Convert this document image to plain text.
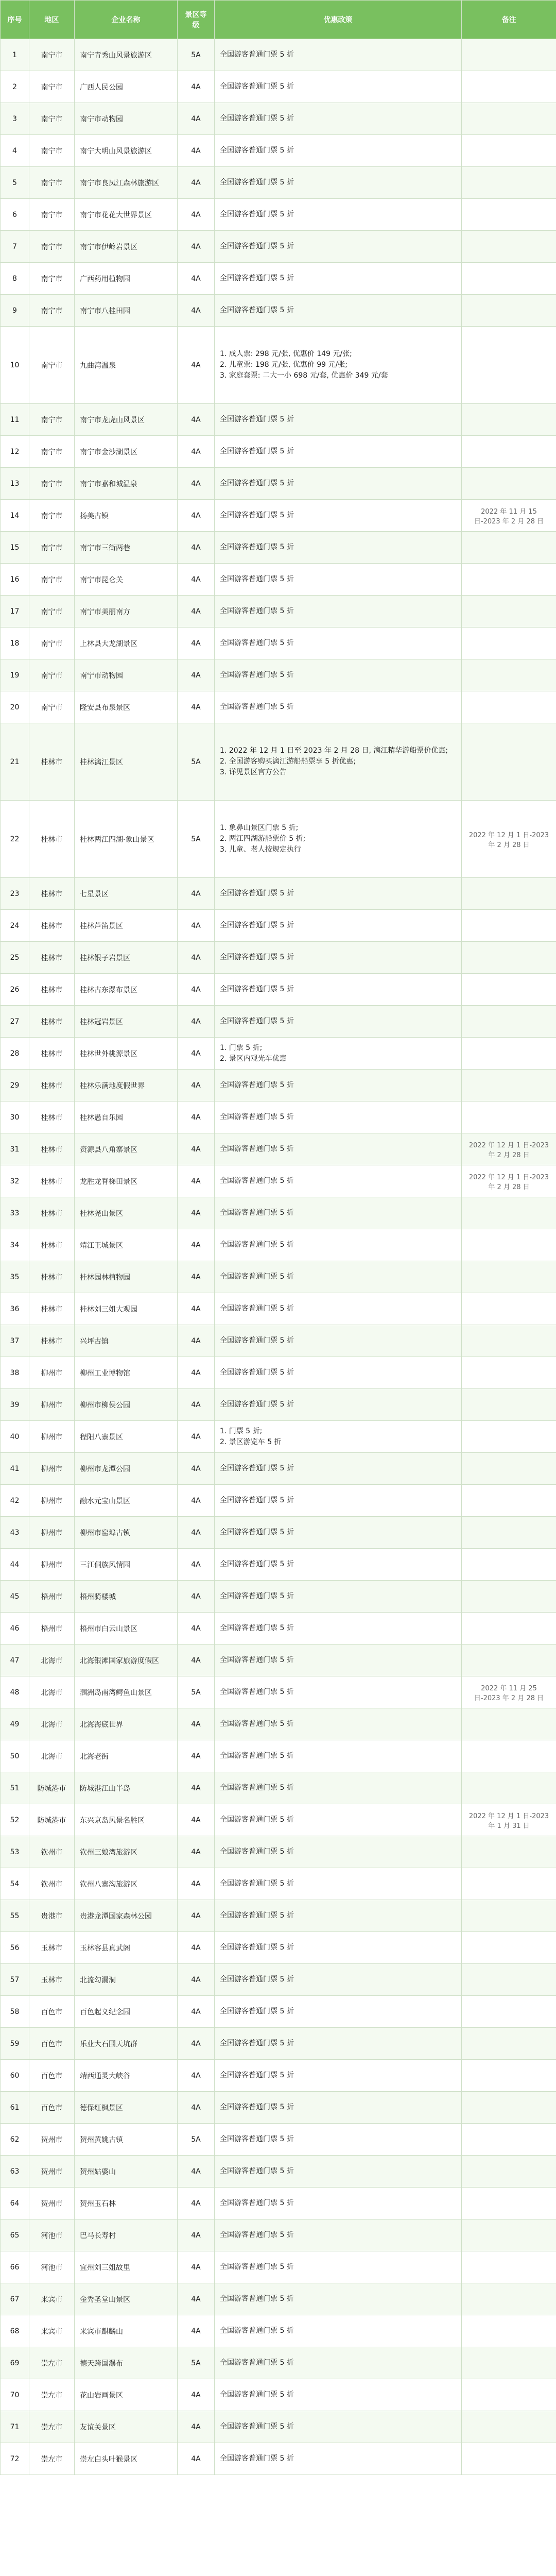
序号	地区	企业名称	景区等级	优惠政策	备注
1	南宁市	南宁青秀山风景旅游区	5A	全国游客普通门票 5 折	
2	南宁市	广西人民公园	4A	全国游客普通门票 5 折	
3	南宁市	南宁市动物园	4A	全国游客普通门票 5 折	
4	南宁市	南宁大明山风景旅游区	4A	全国游客普通门票 5 折	
5	南宁市	南宁市良凤江森林旅游区	4A	全国游客普通门票 5 折	
6	南宁市	南宁市花花大世界景区	4A	全国游客普通门票 5 折	
7	南宁市	南宁市伊岭岩景区	4A	全国游客普通门票 5 折	
8	南宁市	广西药用植物园	4A	全国游客普通门票 5 折	
9	南宁市	南宁市八桂田园	4A	全国游客普通门票 5 折	
10	南宁市	九曲湾温泉	4A	1. 成人票: 298 元/张, 优惠价 149 元/张;
2. 儿童票: 198 元/张, 优惠价 99 元/张;
3. 家庭套票: 二大一小 698 元/套, 优惠价 349 元/套	
11	南宁市	南宁市龙虎山风景区	4A	全国游客普通门票 5 折	
12	南宁市	南宁市金沙湖景区	4A	全国游客普通门票 5 折	
13	南宁市	南宁市嘉和城温泉	4A	全国游客普通门票 5 折	
14	南宁市	扬美古镇	4A	全国游客普通门票 5 折	2022 年 11 月 15 日-2023 年 2 月 28 日
15	南宁市	南宁市三街两巷	4A	全国游客普通门票 5 折	
16	南宁市	南宁市昆仑关	4A	全国游客普通门票 5 折	
17	南宁市	南宁市美丽南方	4A	全国游客普通门票 5 折	
18	南宁市	上林县大龙湖景区	4A	全国游客普通门票 5 折	
19	南宁市	南宁市动物园	4A	全国游客普通门票 5 折	
20	南宁市	隆安县布泉景区	4A	全国游客普通门票 5 折	
21	桂林市	桂林漓江景区	5A	1. 2022 年 12 月 1 日至 2023 年 2 月 28 日, 漓江精华游船票价优惠;
2. 全国游客购买漓江游船船票享 5 折优惠;
3. 详见景区官方公告	
22	桂林市	桂林两江四湖·象山景区	5A	1. 象鼻山景区门票 5 折;
2. 两江四湖游船票价 5 折;
3. 儿童、老人按规定执行	2022 年 12 月 1 日-2023 年 2 月 28 日
23	桂林市	七星景区	4A	全国游客普通门票 5 折	
24	桂林市	桂林芦笛景区	4A	全国游客普通门票 5 折	
25	桂林市	桂林银子岩景区	4A	全国游客普通门票 5 折	
26	桂林市	桂林古东瀑布景区	4A	全国游客普通门票 5 折	
27	桂林市	桂林冠岩景区	4A	全国游客普通门票 5 折	
28	桂林市	桂林世外桃源景区	4A	1. 门票 5 折;
2. 景区内观光车优惠	
29	桂林市	桂林乐满地度假世界	4A	全国游客普通门票 5 折	
30	桂林市	桂林愚自乐园	4A	全国游客普通门票 5 折	
31	桂林市	资源县八角寨景区	4A	全国游客普通门票 5 折	2022 年 12 月 1 日-2023 年 2 月 28 日
32	桂林市	龙胜龙脊梯田景区	4A	全国游客普通门票 5 折	2022 年 12 月 1 日-2023 年 2 月 28 日
33	桂林市	桂林尧山景区	4A	全国游客普通门票 5 折	
34	桂林市	靖江王城景区	4A	全国游客普通门票 5 折	
35	桂林市	桂林园林植物园	4A	全国游客普通门票 5 折	
36	桂林市	桂林刘三姐大观园	4A	全国游客普通门票 5 折	
37	桂林市	兴坪古镇	4A	全国游客普通门票 5 折	
38	柳州市	柳州工业博物馆	4A	全国游客普通门票 5 折	
39	柳州市	柳州市柳侯公园	4A	全国游客普通门票 5 折	
40	柳州市	程阳八寨景区	4A	1. 门票 5 折;
2. 景区游览车 5 折	
41	柳州市	柳州市龙潭公园	4A	全国游客普通门票 5 折	
42	柳州市	融水元宝山景区	4A	全国游客普通门票 5 折	
43	柳州市	柳州市窑埠古镇	4A	全国游客普通门票 5 折	
44	柳州市	三江侗族风情园	4A	全国游客普通门票 5 折	
45	梧州市	梧州骑楼城	4A	全国游客普通门票 5 折	
46	梧州市	梧州市白云山景区	4A	全国游客普通门票 5 折	
47	北海市	北海银滩国家旅游度假区	4A	全国游客普通门票 5 折	
48	北海市	涠洲岛南湾鳄鱼山景区	5A	全国游客普通门票 5 折	2022 年 11 月 25 日-2023 年 2 月 28 日
49	北海市	北海海底世界	4A	全国游客普通门票 5 折	
50	北海市	北海老街	4A	全国游客普通门票 5 折	
51	防城港市	防城港江山半岛	4A	全国游客普通门票 5 折	
52	防城港市	东兴京岛风景名胜区	4A	全国游客普通门票 5 折	2022 年 12 月 1 日-2023 年 1 月 31 日
53	钦州市	钦州三娘湾旅游区	4A	全国游客普通门票 5 折	
54	钦州市	钦州八寨沟旅游区	4A	全国游客普通门票 5 折	
55	贵港市	贵港龙潭国家森林公园	4A	全国游客普通门票 5 折	
56	玉林市	玉林容县真武阁	4A	全国游客普通门票 5 折	
57	玉林市	北流勾漏洞	4A	全国游客普通门票 5 折	
58	百色市	百色起义纪念园	4A	全国游客普通门票 5 折	
59	百色市	乐业大石围天坑群	4A	全国游客普通门票 5 折	
60	百色市	靖西通灵大峡谷	4A	全国游客普通门票 5 折	
61	百色市	德保红枫景区	4A	全国游客普通门票 5 折	
62	贺州市	贺州黄姚古镇	5A	全国游客普通门票 5 折	
63	贺州市	贺州姑婆山	4A	全国游客普通门票 5 折	
64	贺州市	贺州玉石林	4A	全国游客普通门票 5 折	
65	河池市	巴马长寿村	4A	全国游客普通门票 5 折	
66	河池市	宜州刘三姐故里	4A	全国游客普通门票 5 折	
67	来宾市	金秀圣堂山景区	4A	全国游客普通门票 5 折	
68	来宾市	来宾市麒麟山	4A	全国游客普通门票 5 折	
69	崇左市	德天跨国瀑布	5A	全国游客普通门票 5 折	
70	崇左市	花山岩画景区	4A	全国游客普通门票 5 折	
71	崇左市	友谊关景区	4A	全国游客普通门票 5 折	
72	崇左市	崇左白头叶猴景区	4A	全国游客普通门票 5 折	
